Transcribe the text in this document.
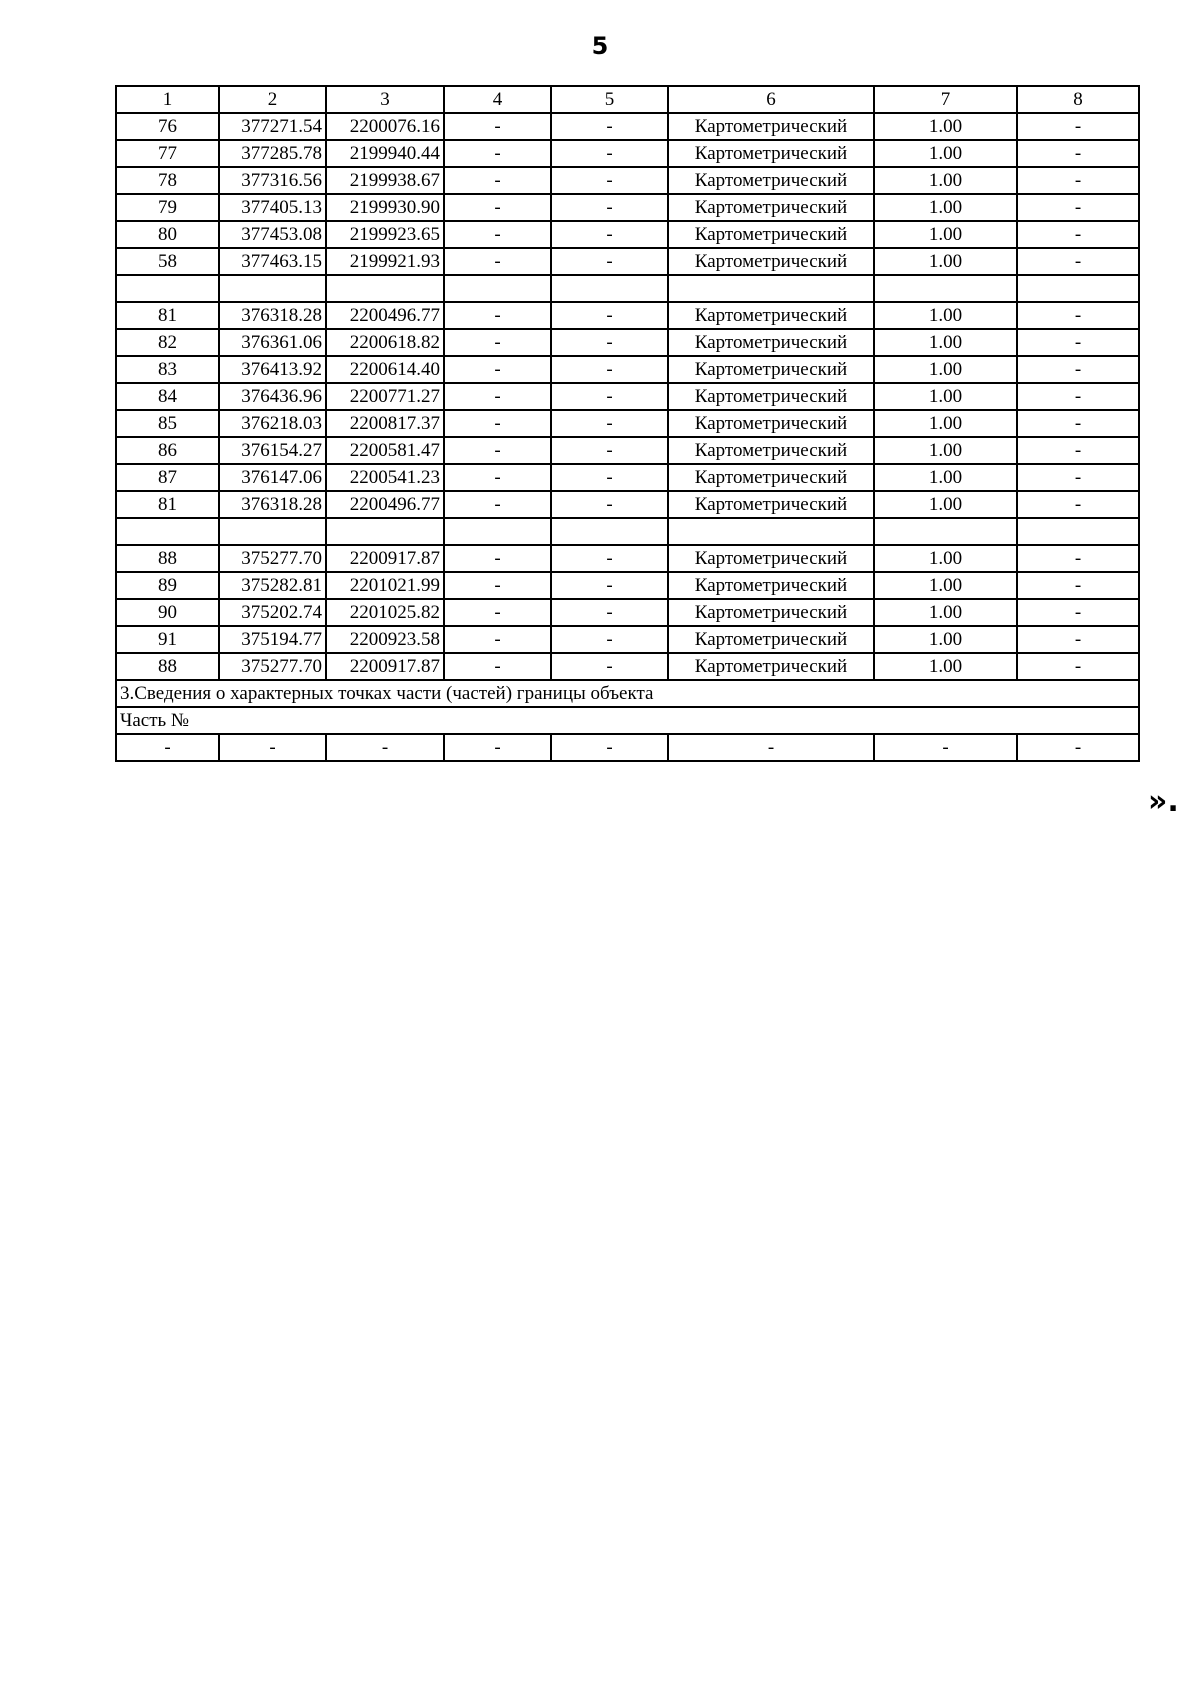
5
1	2	3	4	5	6	7	8
76	377271.54	2200076.16	-	-	Картометрический	1.00	-
77	377285.78	2199940.44	-	-	Картометрический	1.00	-
78	377316.56	2199938.67	-	-	Картометрический	1.00	-
79	377405.13	2199930.90	-	-	Картометрический	1.00	-
80	377453.08	2199923.65	-	-	Картометрический	1.00	-
58	377463.15	2199921.93	-	-	Картометрический	1.00	-

81	376318.28	2200496.77	-	-	Картометрический	1.00	-
82	376361.06	2200618.82	-	-	Картометрический	1.00	-
83	376413.92	2200614.40	-	-	Картометрический	1.00	-
84	376436.96	2200771.27	-	-	Картометрический	1.00	-
85	376218.03	2200817.37	-	-	Картометрический	1.00	-
86	376154.27	2200581.47	-	-	Картометрический	1.00	-
87	376147.06	2200541.23	-	-	Картометрический	1.00	-
81	376318.28	2200496.77	-	-	Картометрический	1.00	-

88	375277.70	2200917.87	-	-	Картометрический	1.00	-
89	375282.81	2201021.99	-	-	Картометрический	1.00	-
90	375202.74	2201025.82	-	-	Картометрический	1.00	-
91	375194.77	2200923.58	-	-	Картометрический	1.00	-
88	375277.70	2200917.87	-	-	Картометрический	1.00	-
3.Сведения о характерных точках части (частей) границы объекта							
Часть №							
-	-	-	-	-	-	-	-
».
